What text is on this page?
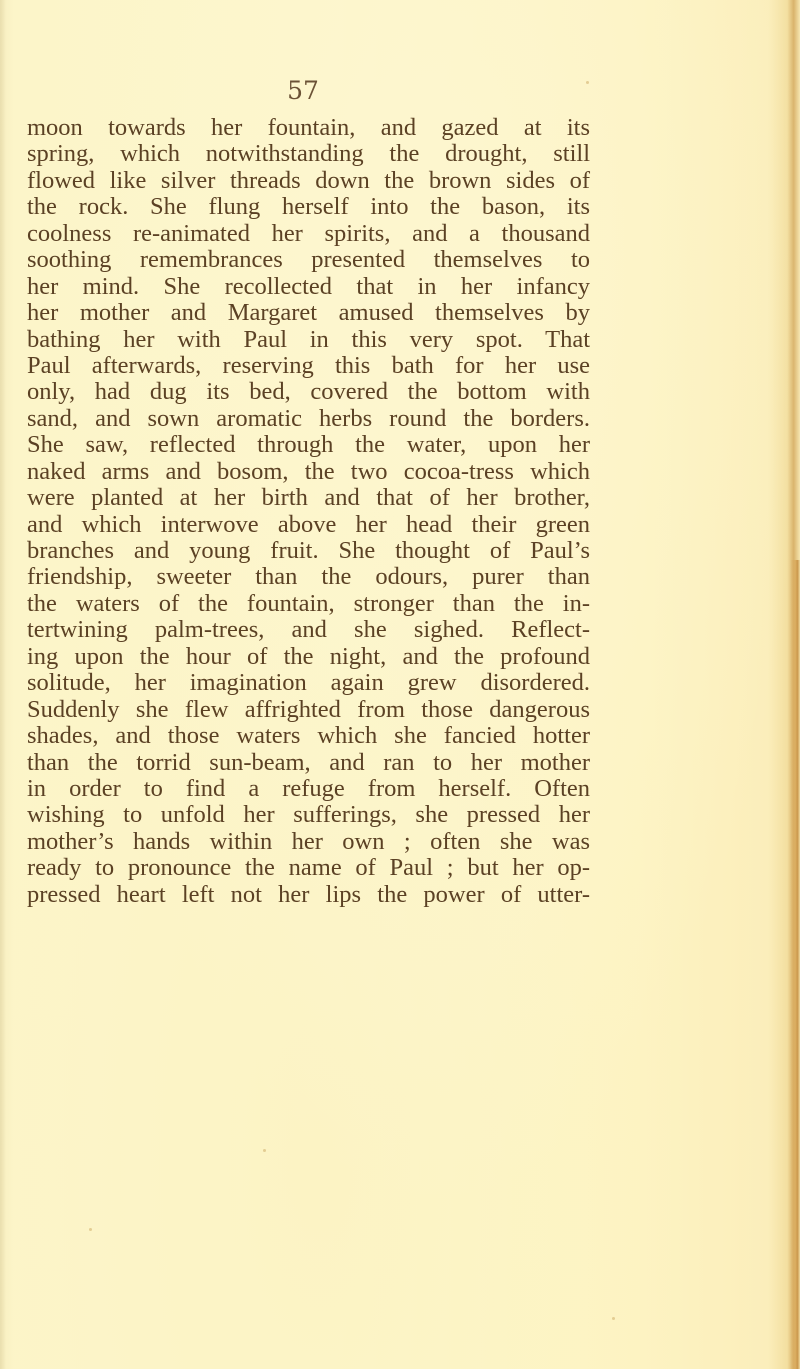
57
moon towards her fountain, and gazed at its
spring, which notwithstanding the drought, still
flowed like silver threads down the brown sides of
the rock. She flung herself into the bason, its
coolness re-animated her spirits, and a thousand
soothing remembrances presented themselves to
her mind. She recollected that in her infancy
her mother and Margaret amused themselves by
bathing her with Paul in this very spot. That
Paul afterwards, reserving this bath for her use
only, had dug its bed, covered the bottom with
sand, and sown aromatic herbs round the borders.
She saw, reflected through the water, upon her
naked arms and bosom, the two cocoa-tress which
were planted at her birth and that of her brother,
and which interwove above her head their green
branches and young fruit. She thought of Paul’s
friendship, sweeter than the odours, purer than
the waters of the fountain, stronger than the in-
tertwining palm-trees, and she sighed. Reflect-
ing upon the hour of the night, and the profound
solitude, her imagination again grew disordered.
Suddenly she flew affrighted from those dangerous
shades, and those waters which she fancied hotter
than the torrid sun-beam, and ran to her mother
in order to find a refuge from herself. Often
wishing to unfold her sufferings, she pressed her
mother’s hands within her own ; often she was
ready to pronounce the name of Paul ; but her op-
pressed heart left not her lips the power of utter-
